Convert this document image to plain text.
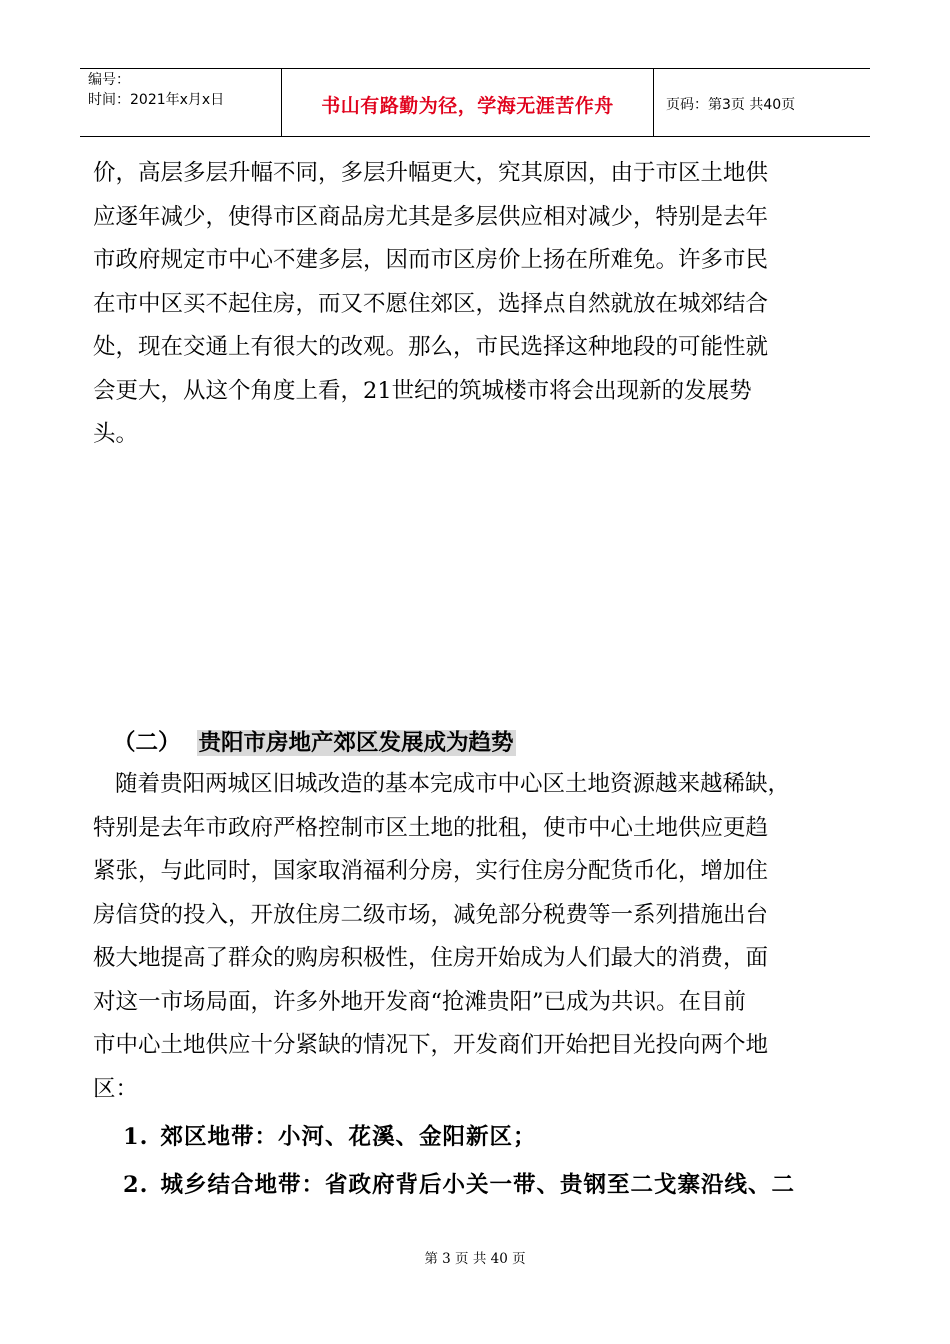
编号：
时间：2021年x月x日	书山有路勤为径，学海无涯苦作舟	页码：第3页 共40页
价，高层多层升幅不同，多层升幅更大，究其原因，由于市区土地供
应逐年减少，使得市区商品房尤其是多层供应相对减少，特别是去年
市政府规定市中心不建多层，因而市区房价上扬在所难免。许多市民
在市中区买不起住房，而又不愿住郊区，选择点自然就放在城郊结合
处，现在交通上有很大的改观。那么，市民选择这种地段的可能性就
会更大，从这个角度上看，21世纪的筑城楼市将会出现新的发展势
头。
（二） 贵阳市房地产郊区发展成为趋势
随着贵阳两城区旧城改造的基本完成市中心区土地资源越来越稀缺，
特别是去年市政府严格控制市区土地的批租，使市中心土地供应更趋
紧张，与此同时，国家取消福利分房，实行住房分配货币化，增加住
房信贷的投入，开放住房二级市场，减免部分税费等一系列措施出台
极大地提高了群众的购房积极性，住房开始成为人们最大的消费，面
对这一市场局面，许多外地开发商“抢滩贵阳”已成为共识。在目前
市中心土地供应十分紧缺的情况下，开发商们开始把目光投向两个地
区：
1. 郊区地带：小河、花溪、金阳新区；
2. 城乡结合地带：省政府背后小关一带、贵钢至二戈寨沿线、二
第 3 页 共 40 页
